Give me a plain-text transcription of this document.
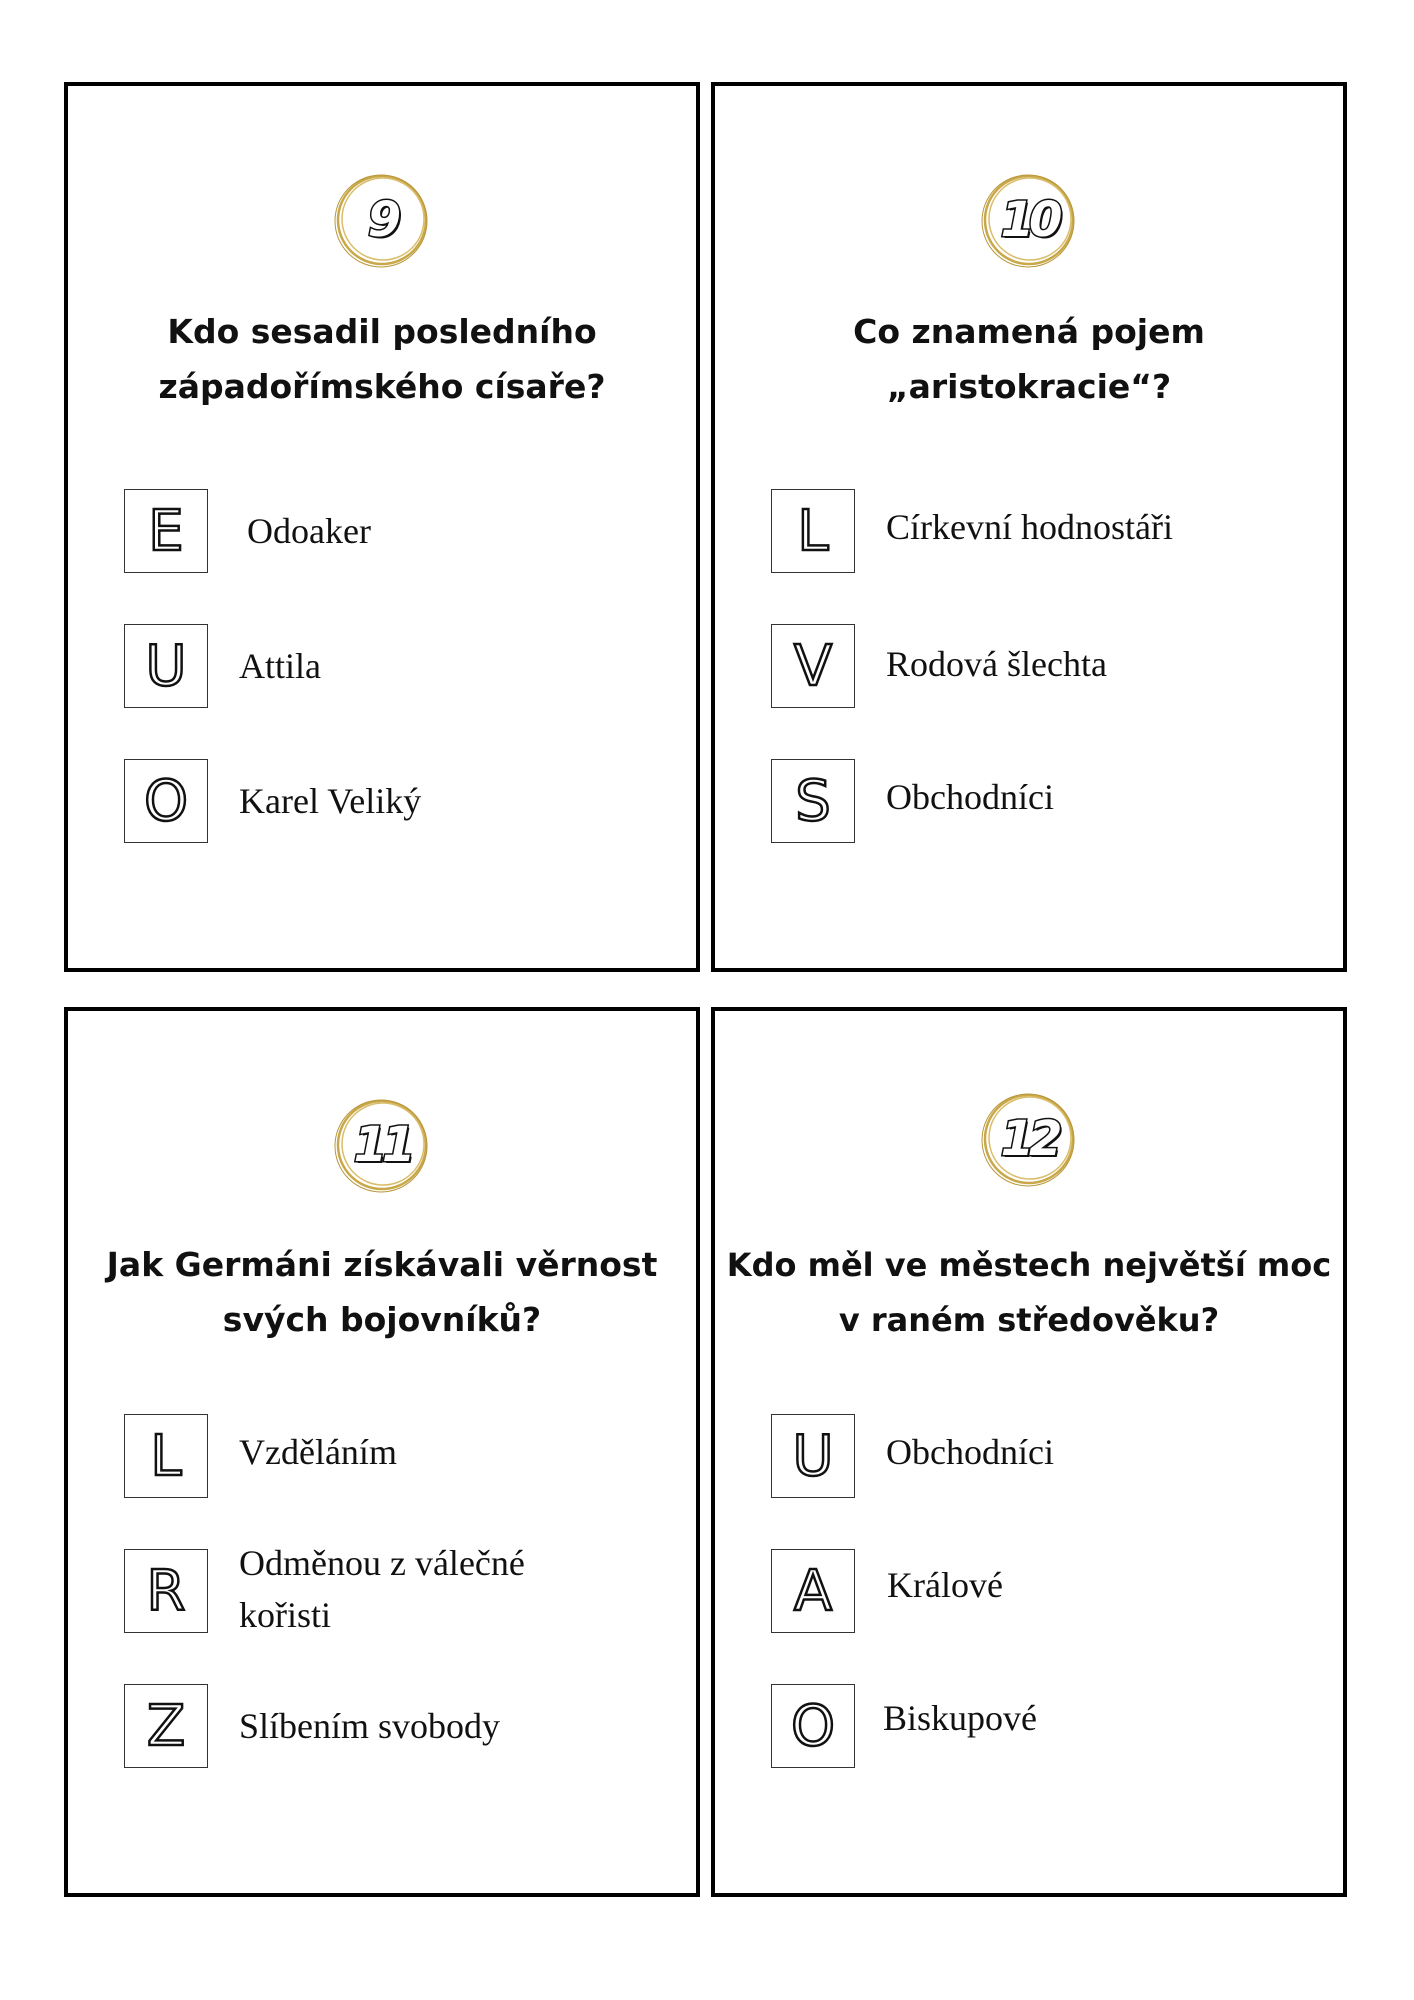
9
Kdo sesadil posledního
západořímského císaře?
E	Odoaker
U	Attila
O	Karel Veliký
10
Co znamená pojem
„aristokracie“?
L	Církevní hodnostáři
V	Rodová šlechta
S	Obchodníci
11
Jak Germáni získávali věrnost
svých bojovníků?
L	Vzděláním
R	Odměnou z válečné kořisti
Z	Slíbením svobody
12
Kdo měl ve městech největší moc
v raném středověku?
U	Obchodníci
A	Králové
O	Biskupové
